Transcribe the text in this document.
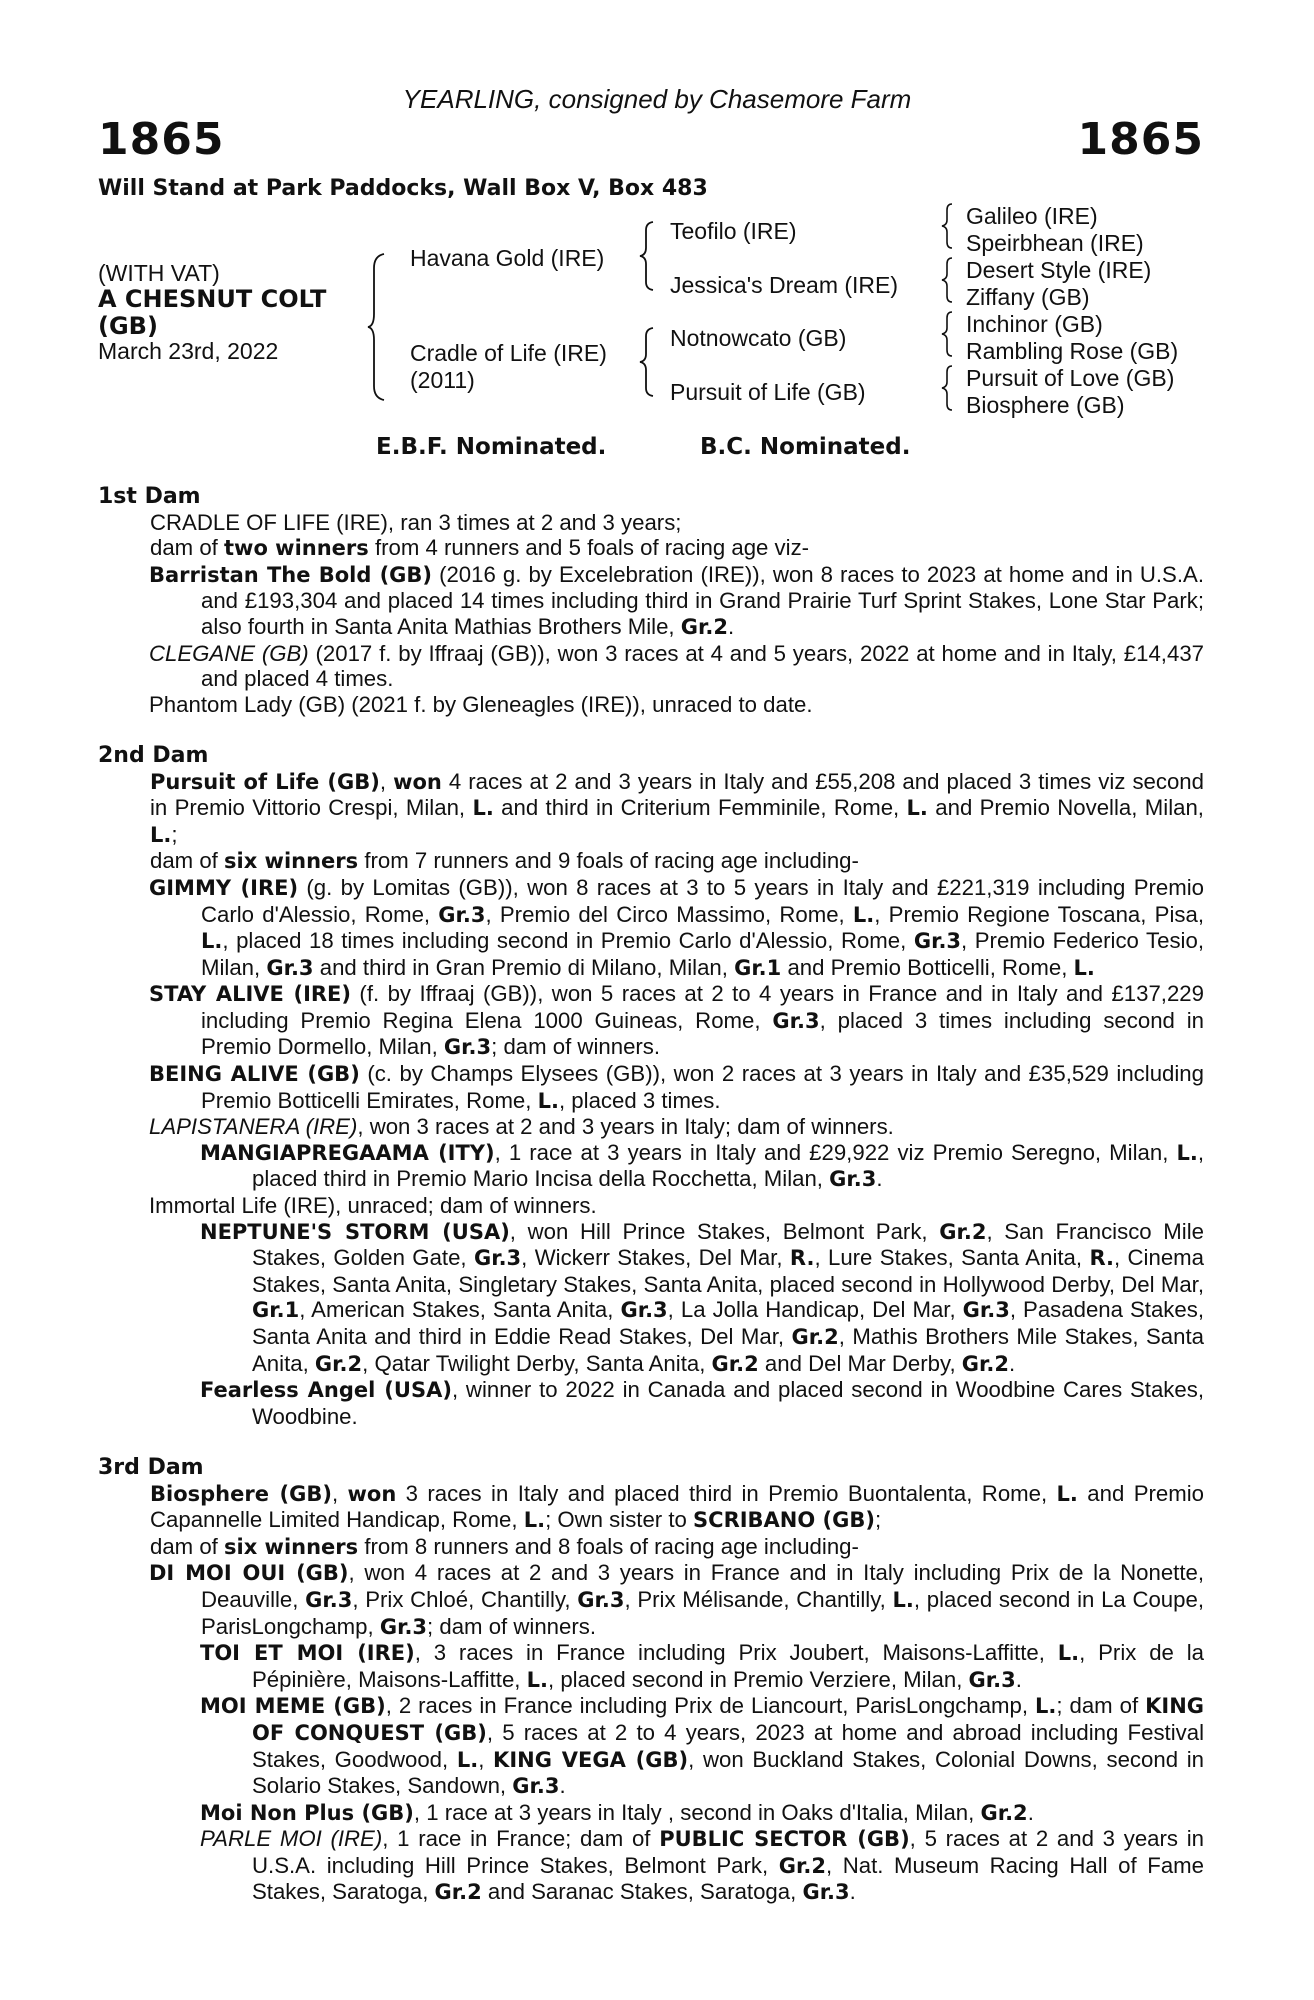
YEARLING, consigned by Chasemore Farm
1865	1865
Will Stand at Park Paddocks, Wall Box V, Box 483
(WITH VAT)
A CHESNUT COLT
(GB)
March 23rd, 2022
Havana Gold (IRE)
Cradle of Life (IRE)
(2011)
Teofilo (IRE)
Jessica's Dream (IRE)
Notnowcato (GB)
Pursuit of Life (GB)
Galileo (IRE)
Speirbhean (IRE)
Desert Style (IRE)
Ziffany (GB)
Inchinor (GB)
Rambling Rose (GB)
Pursuit of Love (GB)
Biosphere (GB)
E.B.F. Nominated.	B.C. Nominated.
1st Dam
CRADLE OF LIFE (IRE), ran 3 times at 2 and 3 years;
dam of two winners from 4 runners and 5 foals of racing age viz-
Barristan The Bold (GB) (2016 g. by Excelebration (IRE)), won 8 races to 2023 at home and in U.S.A. and £193,304 and placed 14 times including third in Grand Prairie Turf Sprint Stakes, Lone Star Park; also fourth in Santa Anita Mathias Brothers Mile, Gr.2.
CLEGANE (GB) (2017 f. by Iffraaj (GB)), won 3 races at 4 and 5 years, 2022 at home and in Italy, £14,437 and placed 4 times.
Phantom Lady (GB) (2021 f. by Gleneagles (IRE)), unraced to date.
2nd Dam
Pursuit of Life (GB), won 4 races at 2 and 3 years in Italy and £55,208 and placed 3 times viz second in Premio Vittorio Crespi, Milan, L. and third in Criterium Femminile, Rome, L. and Premio Novella, Milan, L.;
dam of six winners from 7 runners and 9 foals of racing age including-
GIMMY (IRE) (g. by Lomitas (GB)), won 8 races at 3 to 5 years in Italy and £221,319 including Premio Carlo d'Alessio, Rome, Gr.3, Premio del Circo Massimo, Rome, L., Premio Regione Toscana, Pisa, L., placed 18 times including second in Premio Carlo d'Alessio, Rome, Gr.3, Premio Federico Tesio, Milan, Gr.3 and third in Gran Premio di Milano, Milan, Gr.1 and Premio Botticelli, Rome, L.
STAY ALIVE (IRE) (f. by Iffraaj (GB)), won 5 races at 2 to 4 years in France and in Italy and £137,229 including Premio Regina Elena 1000 Guineas, Rome, Gr.3, placed 3 times including second in Premio Dormello, Milan, Gr.3; dam of winners.
BEING ALIVE (GB) (c. by Champs Elysees (GB)), won 2 races at 3 years in Italy and £35,529 including Premio Botticelli Emirates, Rome, L., placed 3 times.
LAPISTANERA (IRE), won 3 races at 2 and 3 years in Italy; dam of winners.
MANGIAPREGAAMA (ITY), 1 race at 3 years in Italy and £29,922 viz Premio Seregno, Milan, L., placed third in Premio Mario Incisa della Rocchetta, Milan, Gr.3.
Immortal Life (IRE), unraced; dam of winners.
NEPTUNE'S STORM (USA), won Hill Prince Stakes, Belmont Park, Gr.2, San Francisco Mile Stakes, Golden Gate, Gr.3, Wickerr Stakes, Del Mar, R., Lure Stakes, Santa Anita, R., Cinema Stakes, Santa Anita, Singletary Stakes, Santa Anita, placed second in Hollywood Derby, Del Mar, Gr.1, American Stakes, Santa Anita, Gr.3, La Jolla Handicap, Del Mar, Gr.3, Pasadena Stakes, Santa Anita and third in Eddie Read Stakes, Del Mar, Gr.2, Mathis Brothers Mile Stakes, Santa Anita, Gr.2, Qatar Twilight Derby, Santa Anita, Gr.2 and Del Mar Derby, Gr.2.
Fearless Angel (USA), winner to 2022 in Canada and placed second in Woodbine Cares Stakes, Woodbine.
3rd Dam
Biosphere (GB), won 3 races in Italy and placed third in Premio Buontalenta, Rome, L. and Premio Capannelle Limited Handicap, Rome, L.; Own sister to SCRIBANO (GB);
dam of six winners from 8 runners and 8 foals of racing age including-
DI MOI OUI (GB), won 4 races at 2 and 3 years in France and in Italy including Prix de la Nonette, Deauville, Gr.3, Prix Chloé, Chantilly, Gr.3, Prix Mélisande, Chantilly, L., placed second in La Coupe, ParisLongchamp, Gr.3; dam of winners.
TOI ET MOI (IRE), 3 races in France including Prix Joubert, Maisons-Laffitte, L., Prix de la Pépinière, Maisons-Laffitte, L., placed second in Premio Verziere, Milan, Gr.3.
MOI MEME (GB), 2 races in France including Prix de Liancourt, ParisLongchamp, L.; dam of KING OF CONQUEST (GB), 5 races at 2 to 4 years, 2023 at home and abroad including Festival Stakes, Goodwood, L., KING VEGA (GB), won Buckland Stakes, Colonial Downs, second in Solario Stakes, Sandown, Gr.3.
Moi Non Plus (GB), 1 race at 3 years in Italy , second in Oaks d'Italia, Milan, Gr.2.
PARLE MOI (IRE), 1 race in France; dam of PUBLIC SECTOR (GB), 5 races at 2 and 3 years in U.S.A. including Hill Prince Stakes, Belmont Park, Gr.2, Nat. Museum Racing Hall of Fame Stakes, Saratoga, Gr.2 and Saranac Stakes, Saratoga, Gr.3.
